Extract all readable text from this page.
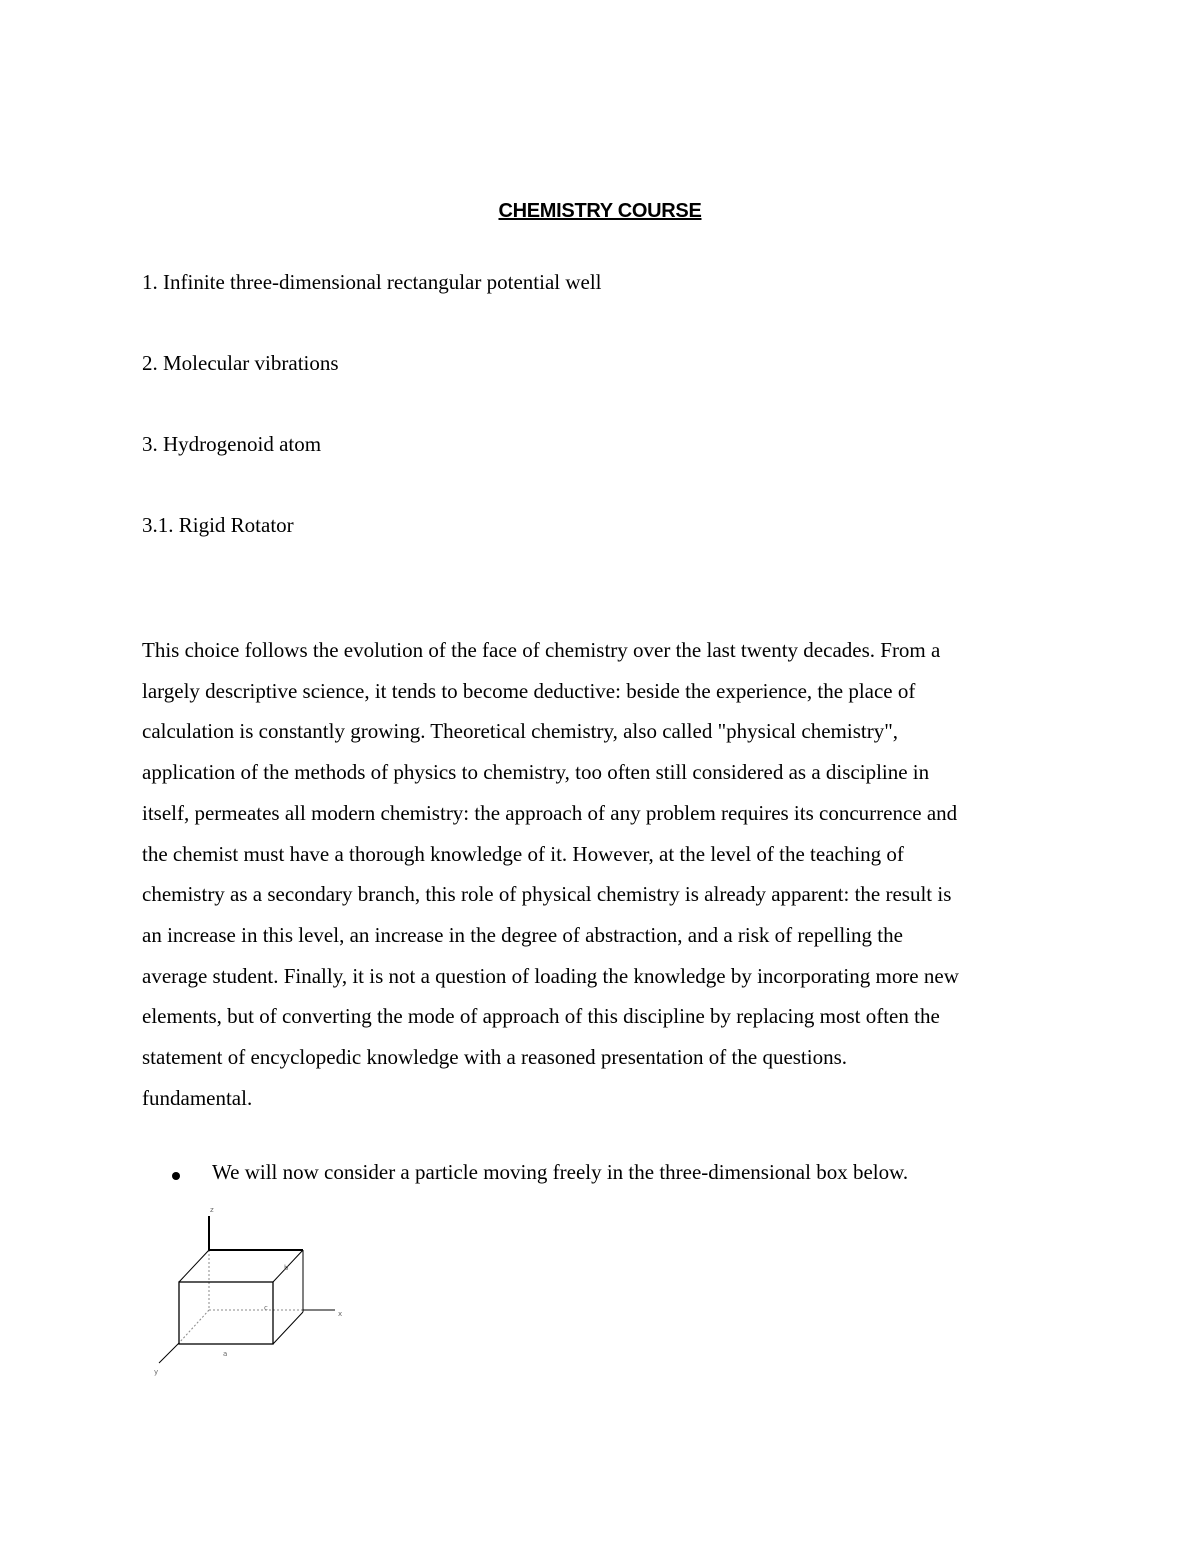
CHEMISTRY COURSE
1. Infinite three-dimensional rectangular potential well
2. Molecular vibrations
3. Hydrogenoid atom
3.1. Rigid Rotator

This choice follows the evolution of the face of chemistry over the last twenty decades. From a
largely descriptive science, it tends to become deductive: beside the experience, the place of
calculation is constantly growing. Theoretical chemistry, also called "physical chemistry",
application of the methods of physics to chemistry, too often still considered as a discipline in
itself, permeates all modern chemistry: the approach of any problem requires its concurrence and
the chemist must have a thorough knowledge of it. However, at the level of the teaching of
chemistry as a secondary branch, this role of physical chemistry is already apparent: the result is
an increase in this level, an increase in the degree of abstraction, and a risk of repelling the
average student. Finally, it is not a question of loading the knowledge by incorporating more new
elements, but of converting the mode of approach of this discipline by replacing most often the
statement of encyclopedic knowledge with a reasoned presentation of the questions.
fundamental.

We will now consider a particle moving freely in the three-dimensional box below.
z
x
y
a
b
c
